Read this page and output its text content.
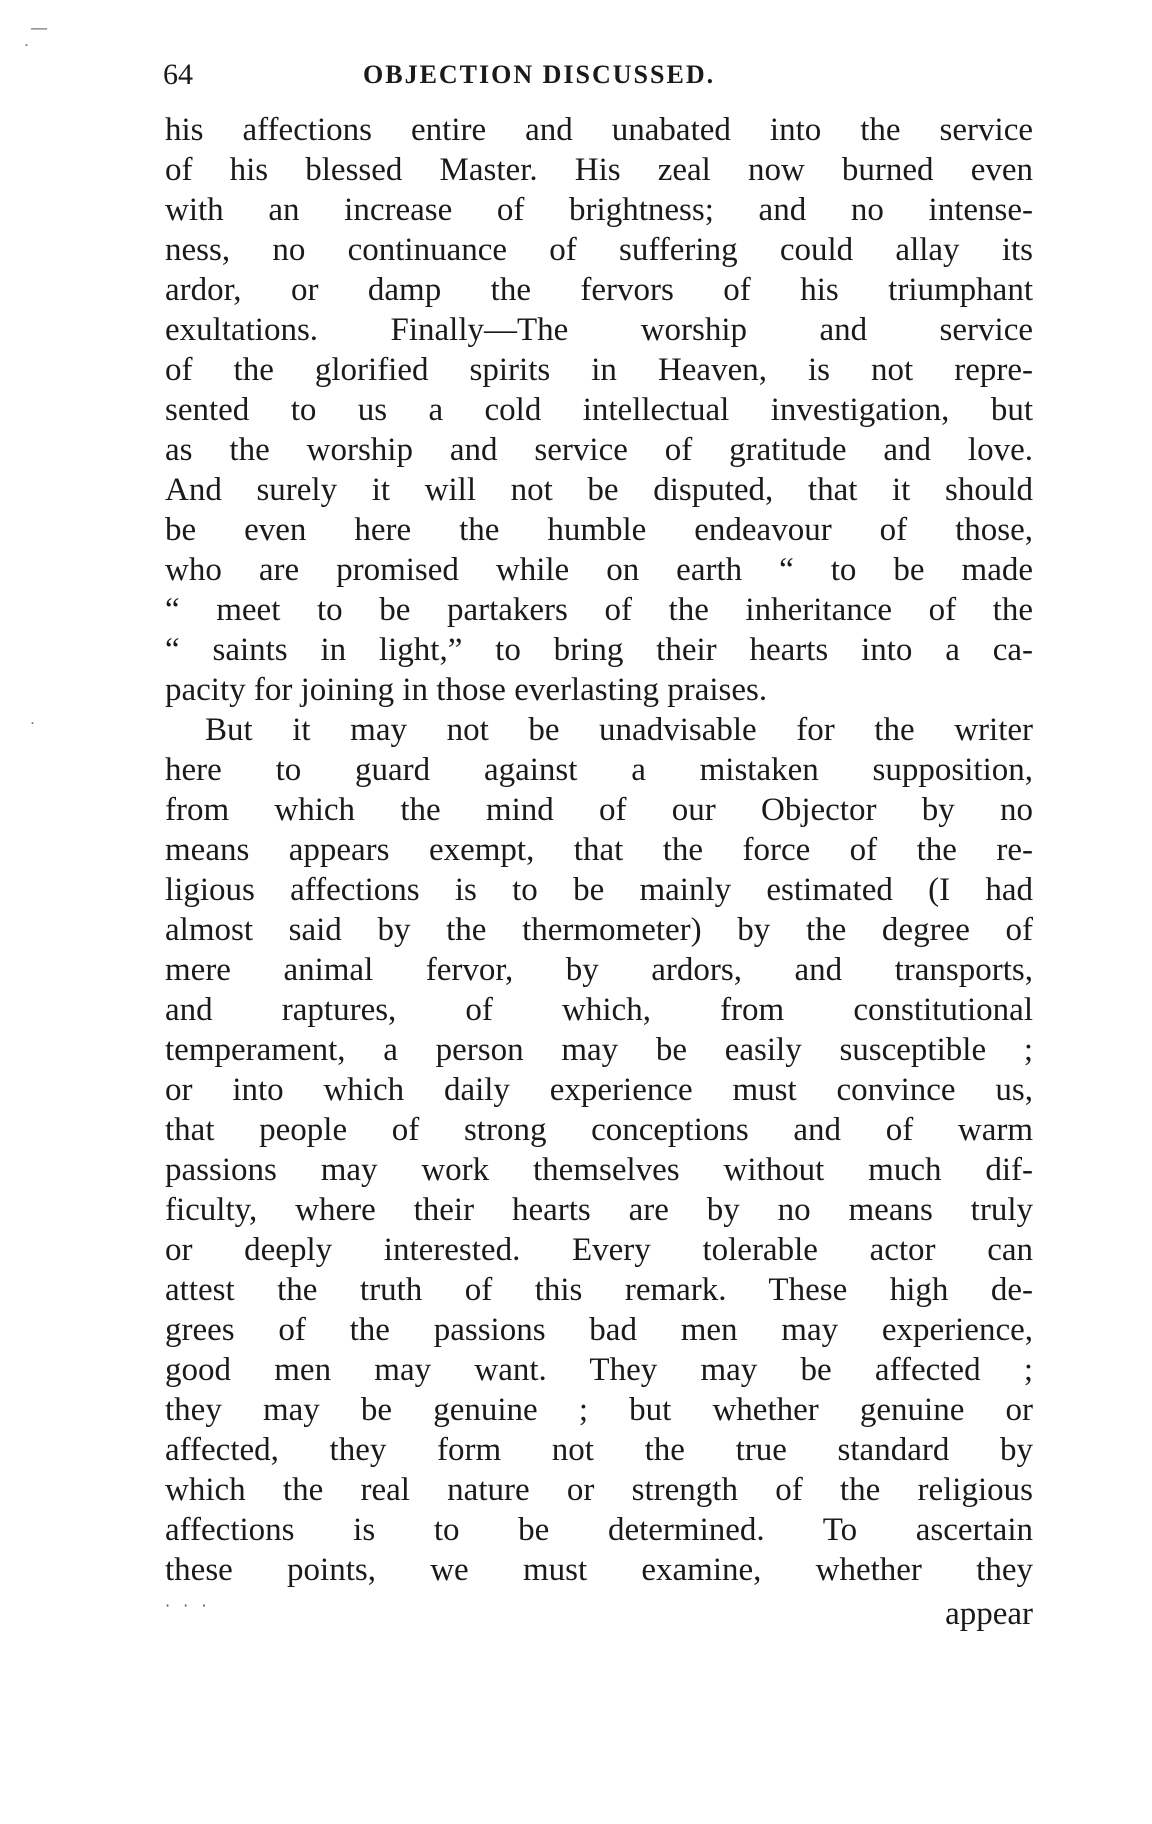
—
˙
˙
64	OBJECTION DISCUSSED.
his affections entire and unabated into the service
of his blessed Master. His zeal now burned even
with an increase of brightness; and no intense-
ness, no continuance of suffering could allay its
ardor, or damp the fervors of his triumphant
exultations. Finally—The worship and service
of the glorified spirits in Heaven, is not repre-
sented to us a cold intellectual investigation, but
as the worship and service of gratitude and love.
And surely it will not be disputed, that it should
be even here the humble endeavour of those,
who are promised while on earth “ to be made
“ meet to be partakers of the inheritance of the
“ saints in light,” to bring their hearts into a ca-
pacity for joining in those everlasting praises.
But it may not be unadvisable for the writer
here to guard against a mistaken supposition,
from which the mind of our Objector by no
means appears exempt, that the force of the re-
ligious affections is to be mainly estimated (I had
almost said by the thermometer) by the degree of
mere animal fervor, by ardors, and transports,
and raptures, of which, from constitutional
temperament, a person may be easily susceptible ;
or into which daily experience must convince us,
that people of strong conceptions and of warm
passions may work themselves without much dif-
ficulty, where their hearts are by no means truly
or deeply interested. Every tolerable actor can
attest the truth of this remark. These high de-
grees of the passions bad men may experience,
good men may want. They may be affected ;
they may be genuine ; but whether genuine or
affected, they form not the true standard by
which the real nature or strength of the religious
affections is to be determined. To ascertain
these points, we must examine, whether they
· · ·	appear
